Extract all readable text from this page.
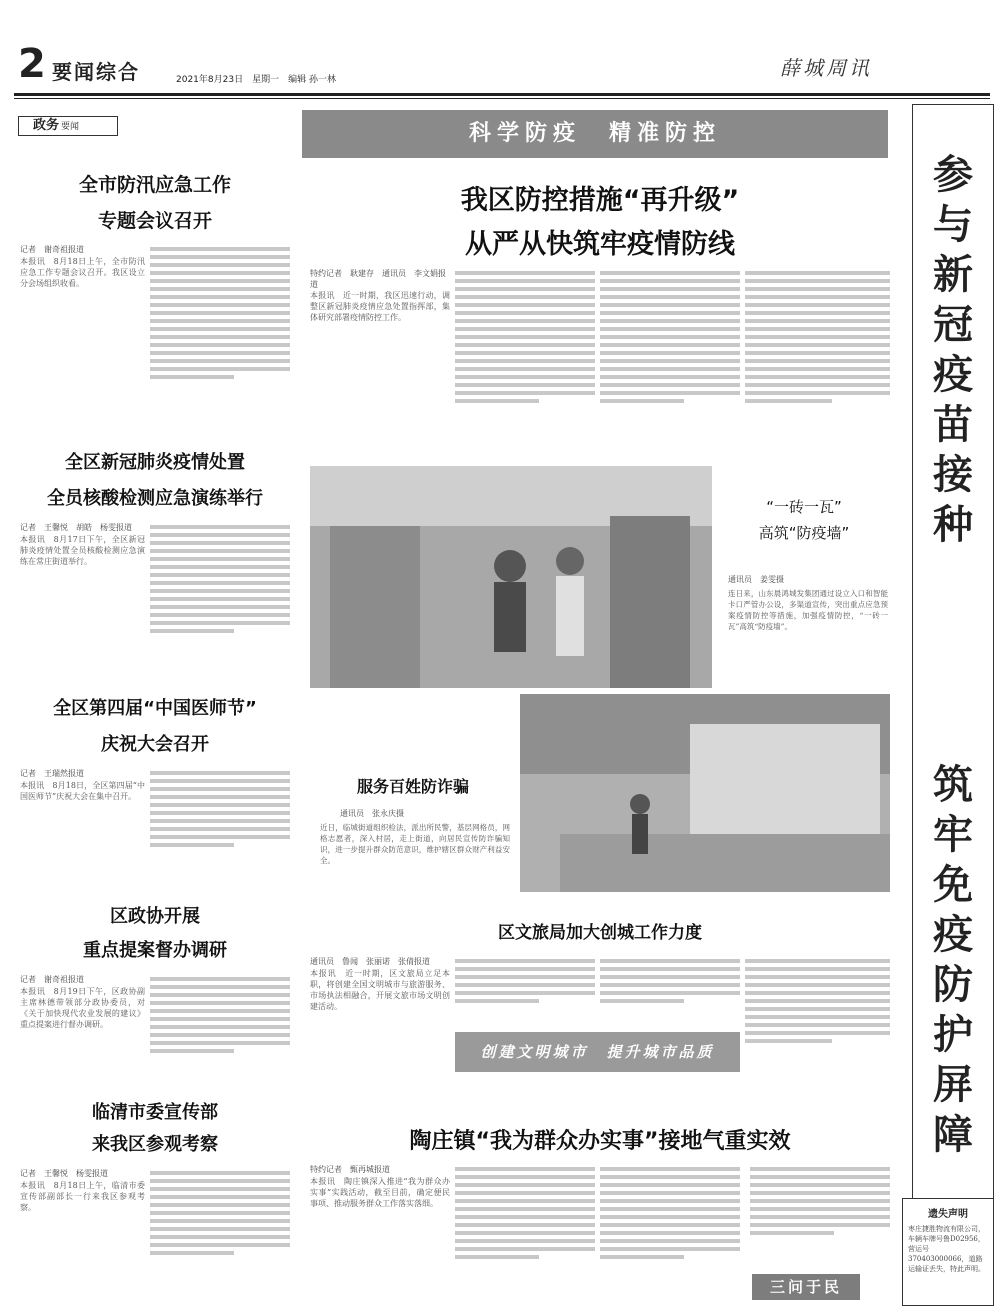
2 要闻综合	2021年8月23日　星期一　编辑 孙一林	薛城周讯
政务 要闻	科学防疫　精准防控
全市防汛应急工作
专题会议召开
记者　谢奇祖报道
本报讯　8月18日上午，全市防汛应急工作专题会议召开。我区设立分会场组织收看。
全区新冠肺炎疫情处置
全员核酸检测应急演练举行
记者　王馨悦　胡皓　杨雯报道
本报讯　8月17日下午，全区新冠肺炎疫情处置全员核酸检测应急演练在常庄街道举行。
全区第四届“中国医师节”
庆祝大会召开
记者　王瑞然报道
本报讯　8月18日，全区第四届“中国医师节”庆祝大会在集中召开。
区政协开展
重点提案督办调研
记者　谢奇祖报道
本报讯　8月19日下午，区政协副主席林德带领部分政协委员，对《关于加快现代农业发展的建议》重点提案进行督办调研。
临清市委宣传部
来我区参观考察
记者　王馨悦　杨雯报道
本报讯　8月18日上午，临清市委宣传部副部长一行来我区参观考察。
我区防控措施“再升级”
从严从快筑牢疫情防线
特约记者　耿建存　通讯员　李文娟报道
本报讯　近一时期，我区迅速行动，调整区新冠肺炎疫情应急处置指挥部，集体研究部署疫情防控工作。
“一砖一瓦”
高筑“防疫墙”
通讯员　姜雯摄
连日来，山东晨鸿城发集团通过设立入口和智能卡口严管办公设，多渠道宣传，突出重点应急预案疫情防控等措施，加强疫情防控，“一砖一瓦”高筑“防疫墙”。
服务百姓防诈骗
通讯员　张永庆摄
近日，临城街道组织检法，派出所民警，基层网格员，网格志愿者，深入村居，走上街道，向居民宣传防诈骗知识，进一步提升群众防范意识，维护辖区群众财产利益安全。
区文旅局加大创城工作力度
通讯员　鲁闻　张丽诺　张倩报道
本报讯　近一时期，区文旅局立足本职，将创建全国文明城市与旅游服务、市场执法相融合，开展文旅市场文明创建活动。
创建文明城市　提升城市品质
陶庄镇“我为群众办实事”接地气重实效
特约记者　甄再城报道
本报讯　陶庄镇深入推进“我为群众办实事”实践活动，截至目前，确定便民事项、推动服务群众工作落实落细。
三问于民
参
与
新
冠
疫
苗
接
种
筑
牢
免
疫
防
护
屏
障
遗失声明
枣庄捷胜物流有限公司，车辆车牌号鲁D02956，营运号370403000066，道路运输证丢失，特此声明。
